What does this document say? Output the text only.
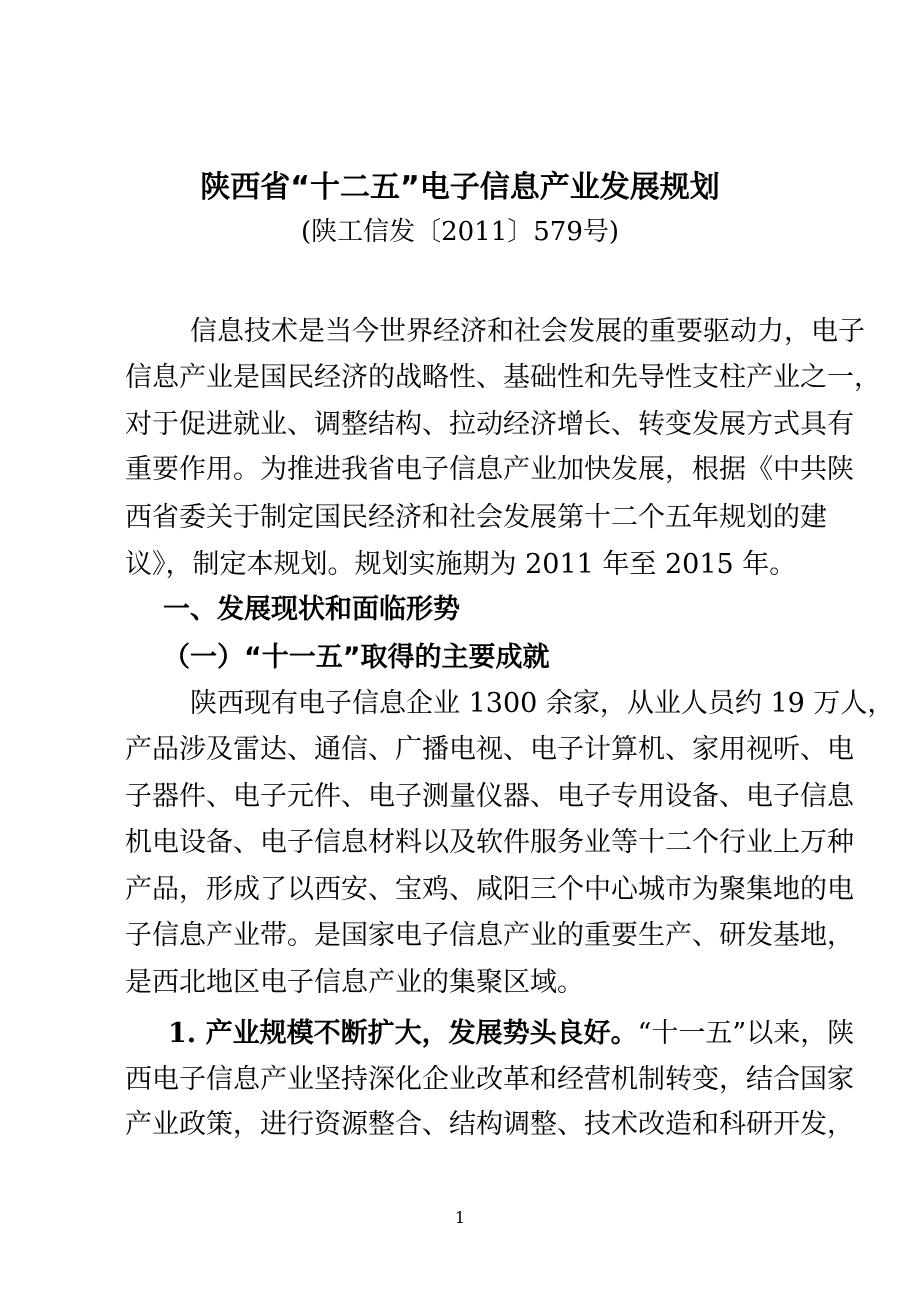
陕西省“十二五”电子信息产业发展规划
(陕工信发〔2011〕579号)
信息技术是当今世界经济和社会发展的重要驱动力，电子
信息产业是国民经济的战略性、基础性和先导性支柱产业之一，
对于促进就业、调整结构、拉动经济增长、转变发展方式具有
重要作用。为推进我省电子信息产业加快发展，根据《中共陕
西省委关于制定国民经济和社会发展第十二个五年规划的建
议》，制定本规划。规划实施期为 2011 年至 2015 年。
一、发展现状和面临形势
（一）“十一五”取得的主要成就
陕西现有电子信息企业 1300 余家，从业人员约 19 万人，
产品涉及雷达、通信、广播电视、电子计算机、家用视听、电
子器件、电子元件、电子测量仪器、电子专用设备、电子信息
机电设备、电子信息材料以及软件服务业等十二个行业上万种
产品，形成了以西安、宝鸡、咸阳三个中心城市为聚集地的电
子信息产业带。是国家电子信息产业的重要生产、研发基地，
是西北地区电子信息产业的集聚区域。
1. 产业规模不断扩大，发展势头良好。“十一五”以来，陕
西电子信息产业坚持深化企业改革和经营机制转变，结合国家
产业政策，进行资源整合、结构调整、技术改造和科研开发，
1
